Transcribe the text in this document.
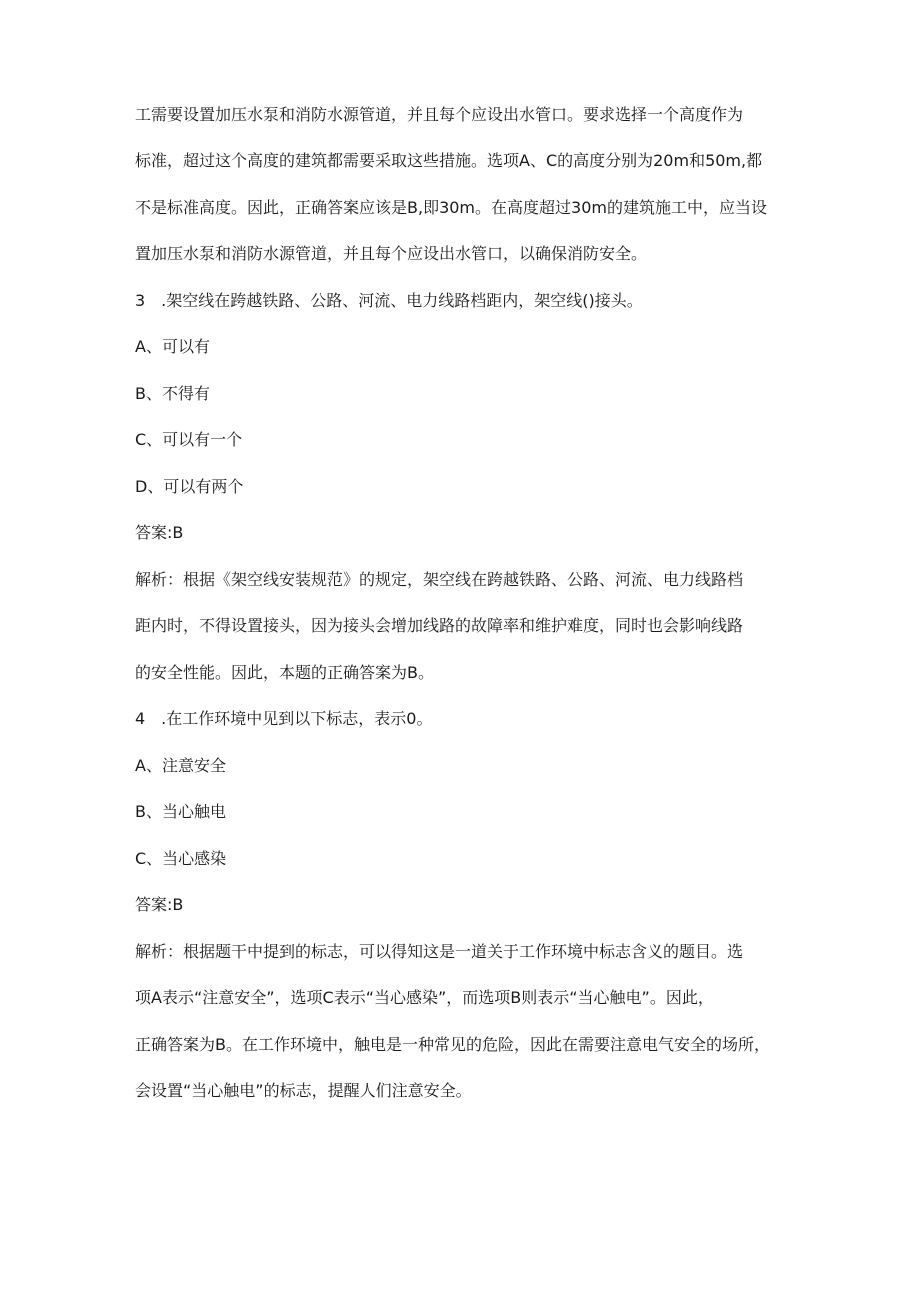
工需要设置加压水泵和消防水源管道，并且每个应设出水管口。要求选择一个高度作为
标准，超过这个高度的建筑都需要采取这些措施。选项A、C的高度分别为20m和50m,都
不是标准高度。因此，正确答案应该是B,即30m。在高度超过30m的建筑施工中，应当设
置加压水泵和消防水源管道，并且每个应设出水管口，以确保消防安全。
3　.架空线在跨越铁路、公路、河流、电力线路档距内，架空线()接头。
A、可以有
B、不得有
C、可以有一个
D、可以有两个
答案:B
解析：根据《架空线安装规范》的规定，架空线在跨越铁路、公路、河流、电力线路档
距内时，不得设置接头，因为接头会增加线路的故障率和维护难度，同时也会影响线路
的安全性能。因此，本题的正确答案为B。
4　.在工作环境中见到以下标志，表示0。
A、注意安全
B、当心触电
C、当心感染
答案:B
解析：根据题干中提到的标志，可以得知这是一道关于工作环境中标志含义的题目。选
项A表示“注意安全”，选项C表示“当心感染”，而选项B则表示“当心触电”。因此，
正确答案为B。在工作环境中，触电是一种常见的危险，因此在需要注意电气安全的场所，
会设置“当心触电”的标志，提醒人们注意安全。
